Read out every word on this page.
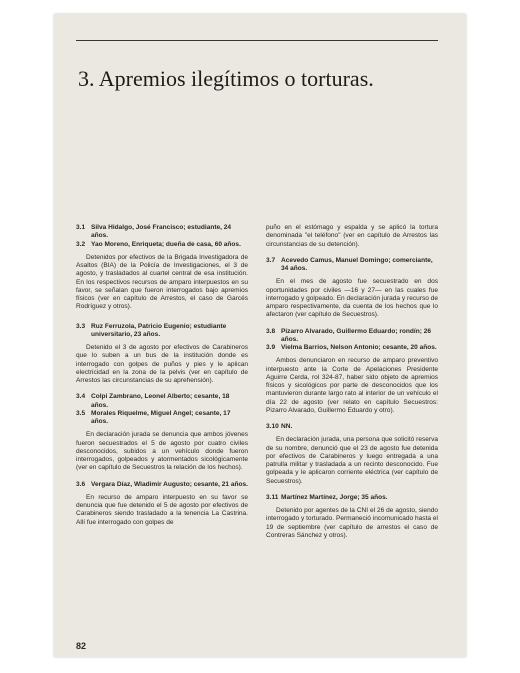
3. Apremios ilegítimos o torturas.
3.1 Silva Hidalgo, José Francisco; estudiante, 24 años.
3.2 Yao Moreno, Enriqueta; dueña de casa, 60 años.

Detenidos por efectivos de la Brigada Investigadora de Asaltos (BIA) de la Policía de Investigaciones, el 3 de agosto, y trasladados al cuartel central de esa institución. En los respectivos recursos de amparo interpuestos en su favor, se señalan que fueron interrogados bajo apremios físicos (ver en capítulo de Arrestos, el caso de Garcés Rodríguez y otros).

3.3 Ruz Ferruzola, Patricio Eugenio; estudiante universitario, 23 años.

Detenido el 3 de agosto por efectivos de Carabineros que lo suben a un bus de la institución donde es interrogado con golpes de puños y pies y le aplican electricidad en la zona de la pelvis (ver en capítulo de Arrestos las circunstancias de su aprehensión).

3.4 Colpi Zambrano, Leonel Alberto; cesante, 18 años.
3.5 Morales Riquelme, Miguel Angel; cesante, 17 años.

En declaración jurada se denuncia que ambos jóvenes fueron secuestrados el 5 de agosto por cuatro civiles desconocidos, subidos a un vehículo donde fueron interrogados, golpeados y atormentados sicológicamente (ver en capítulo de Secuestros la relación de los hechos).

3.6 Vergara Díaz, Wladimir Augusto; cesante, 21 años.

En recurso de amparo interpuesto en su favor se denuncia que fue detenido el 5 de agosto por efectivos de Carabineros siendo trasladado a la tenencia La Castrina. Allí fue interrogado con golpes de

puño en el estómago y espalda y se aplicó la tortura denominada "el teléfono" (ver en capítulo de Arrestos las circunstancias de su detención).

3.7 Acevedo Camus, Manuel Domingo; comerciante, 34 años.

En el mes de agosto fue secuestrado en dos oportunidades por civiles —16 y 27— en las cuales fue interrogado y golpeado. En declaración jurada y recurso de amparo respectivamente, da cuenta de los hechos que lo afectaron (ver capítulo de Secuestros).

3.8 Pizarro Alvarado, Guillermo Eduardo; rondín; 26 años.
3.9 Vielma Barrios, Nelson Antonio; cesante, 20 años.

Ambos denunciaron en recurso de amparo preventivo interpuesto ante la Corte de Apelaciones Presidente Aguirre Cerda, rol 324-87, haber sido objeto de apremios físicos y sicológicos por parte de desconocidos que los mantuvieron durante largo rato al interior de un vehículo el día 22 de agosto (ver relato en capítulo Secuestros: Pizarro Alvarado, Guillermo Eduardo y otro).

3.10 NN.

En declaración jurada, una persona que solicitó reserva de su nombre, denunció que el 23 de agosto fue detenida por efectivos de Carabineros y luego entregada a una patrulla militar y trasladada a un recinto desconocido. Fue golpeada y le aplicaron corriente eléctrica (ver capítulo de Secuestros).

3.11 Martínez Martínez, Jorge; 35 años.

Detenido por agentes de la CNI el 26 de agosto, siendo interrogado y torturado. Permaneció incomunicado hasta el 19 de septiembre (ver capítulo de arrestos el caso de Contreras Sánchez y otros).

82
